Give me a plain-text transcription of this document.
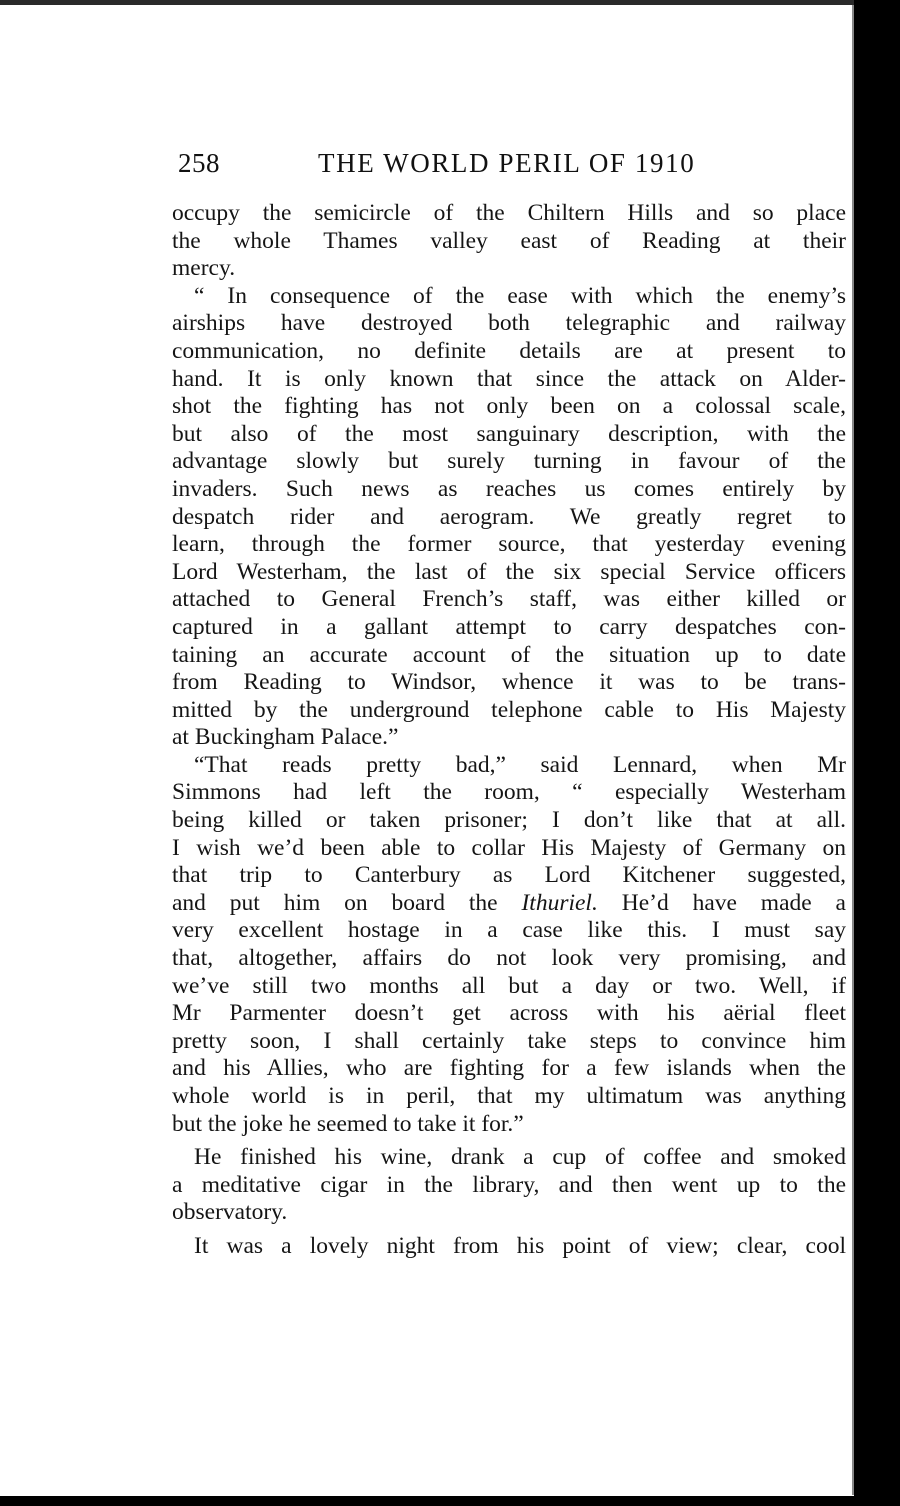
258	THE WORLD PERIL OF 1910

occupy the semicircle of the Chiltern Hills and so place
the whole Thames valley east of Reading at their
mercy.

“ In consequence of the ease with which the enemy’s
airships have destroyed both telegraphic and railway
communication, no definite details are at present to
hand. It is only known that since the attack on Alder-
shot the fighting has not only been on a colossal scale,
but also of the most sanguinary description, with the
advantage slowly but surely turning in favour of the
invaders. Such news as reaches us comes entirely by
despatch rider and aerogram. We greatly regret to
learn, through the former source, that yesterday evening
Lord Westerham, the last of the six special Service officers
attached to General French’s staff, was either killed or
captured in a gallant attempt to carry despatches con-
taining an accurate account of the situation up to date
from Reading to Windsor, whence it was to be trans-
mitted by the underground telephone cable to His Majesty
at Buckingham Palace.”

“That reads pretty bad,” said Lennard, when Mr
Simmons had left the room, “ especially Westerham
being killed or taken prisoner; I don’t like that at all.
I wish we’d been able to collar His Majesty of Germany on
that trip to Canterbury as Lord Kitchener suggested,
and put him on board the Ithuriel. He’d have made a
very excellent hostage in a case like this. I must say
that, altogether, affairs do not look very promising, and
we’ve still two months all but a day or two. Well, if
Mr Parmenter doesn’t get across with his aërial fleet
pretty soon, I shall certainly take steps to convince him
and his Allies, who are fighting for a few islands when the
whole world is in peril, that my ultimatum was anything
but the joke he seemed to take it for.”

He finished his wine, drank a cup of coffee and smoked
a meditative cigar in the library, and then went up to the
observatory.

It was a lovely night from his point of view; clear, cool
